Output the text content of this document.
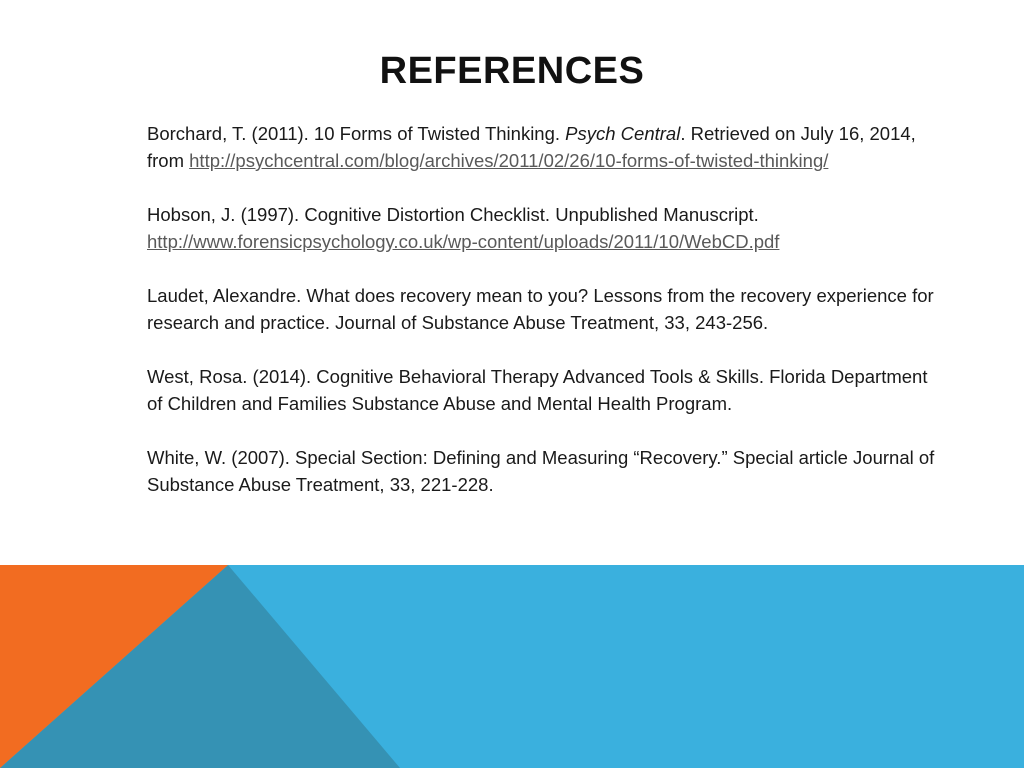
REFERENCES

Borchard, T. (2011). 10 Forms of Twisted Thinking. Psych Central. Retrieved on July 16, 2014, from http://psychcentral.com/blog/archives/2011/02/26/10-forms-of-twisted-thinking/

Hobson, J. (1997). Cognitive Distortion Checklist. Unpublished Manuscript. http://www.forensicpsychology.co.uk/wp-content/uploads/2011/10/WebCD.pdf

Laudet, Alexandre. What does recovery mean to you? Lessons from the recovery experience for research and practice. Journal of Substance Abuse Treatment, 33, 243-256.

West, Rosa. (2014). Cognitive Behavioral Therapy Advanced Tools & Skills. Florida Department of Children and Families Substance Abuse and Mental Health Program.

White, W. (2007). Special Section: Defining and Measuring “Recovery.” Special article Journal of Substance Abuse Treatment, 33, 221-228.
